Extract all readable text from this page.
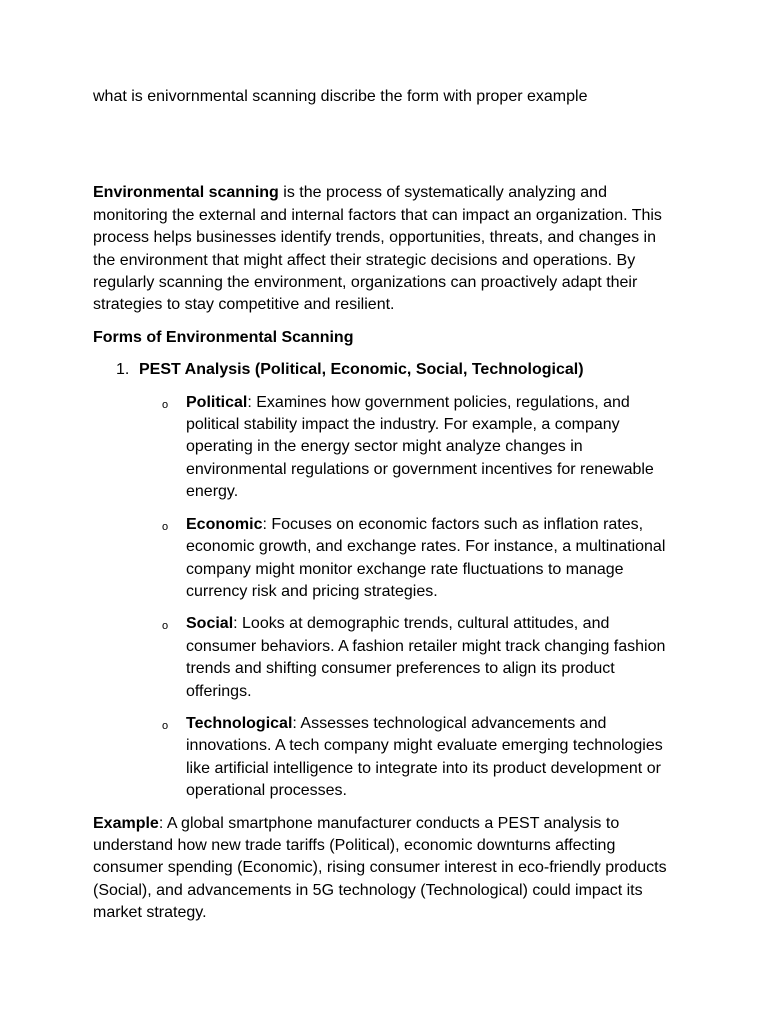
what is enivornmental scanning discribe the form with proper example

Environmental scanning is the process of systematically analyzing and monitoring the external and internal factors that can impact an organization. This process helps businesses identify trends, opportunities, threats, and changes in the environment that might affect their strategic decisions and operations. By regularly scanning the environment, organizations can proactively adapt their strategies to stay competitive and resilient.

Forms of Environmental Scanning

1. PEST Analysis (Political, Economic, Social, Technological)
o	Political: Examines how government policies, regulations, and political stability impact the industry. For example, a company operating in the energy sector might analyze changes in environmental regulations or government incentives for renewable energy.
o	Economic: Focuses on economic factors such as inflation rates, economic growth, and exchange rates. For instance, a multinational company might monitor exchange rate fluctuations to manage currency risk and pricing strategies.
o	Social: Looks at demographic trends, cultural attitudes, and consumer behaviors. A fashion retailer might track changing fashion trends and shifting consumer preferences to align its product offerings.
o	Technological: Assesses technological advancements and innovations. A tech company might evaluate emerging technologies like artificial intelligence to integrate into its product development or operational processes.

Example: A global smartphone manufacturer conducts a PEST analysis to understand how new trade tariffs (Political), economic downturns affecting consumer spending (Economic), rising consumer interest in eco-friendly products (Social), and advancements in 5G technology (Technological) could impact its market strategy.
